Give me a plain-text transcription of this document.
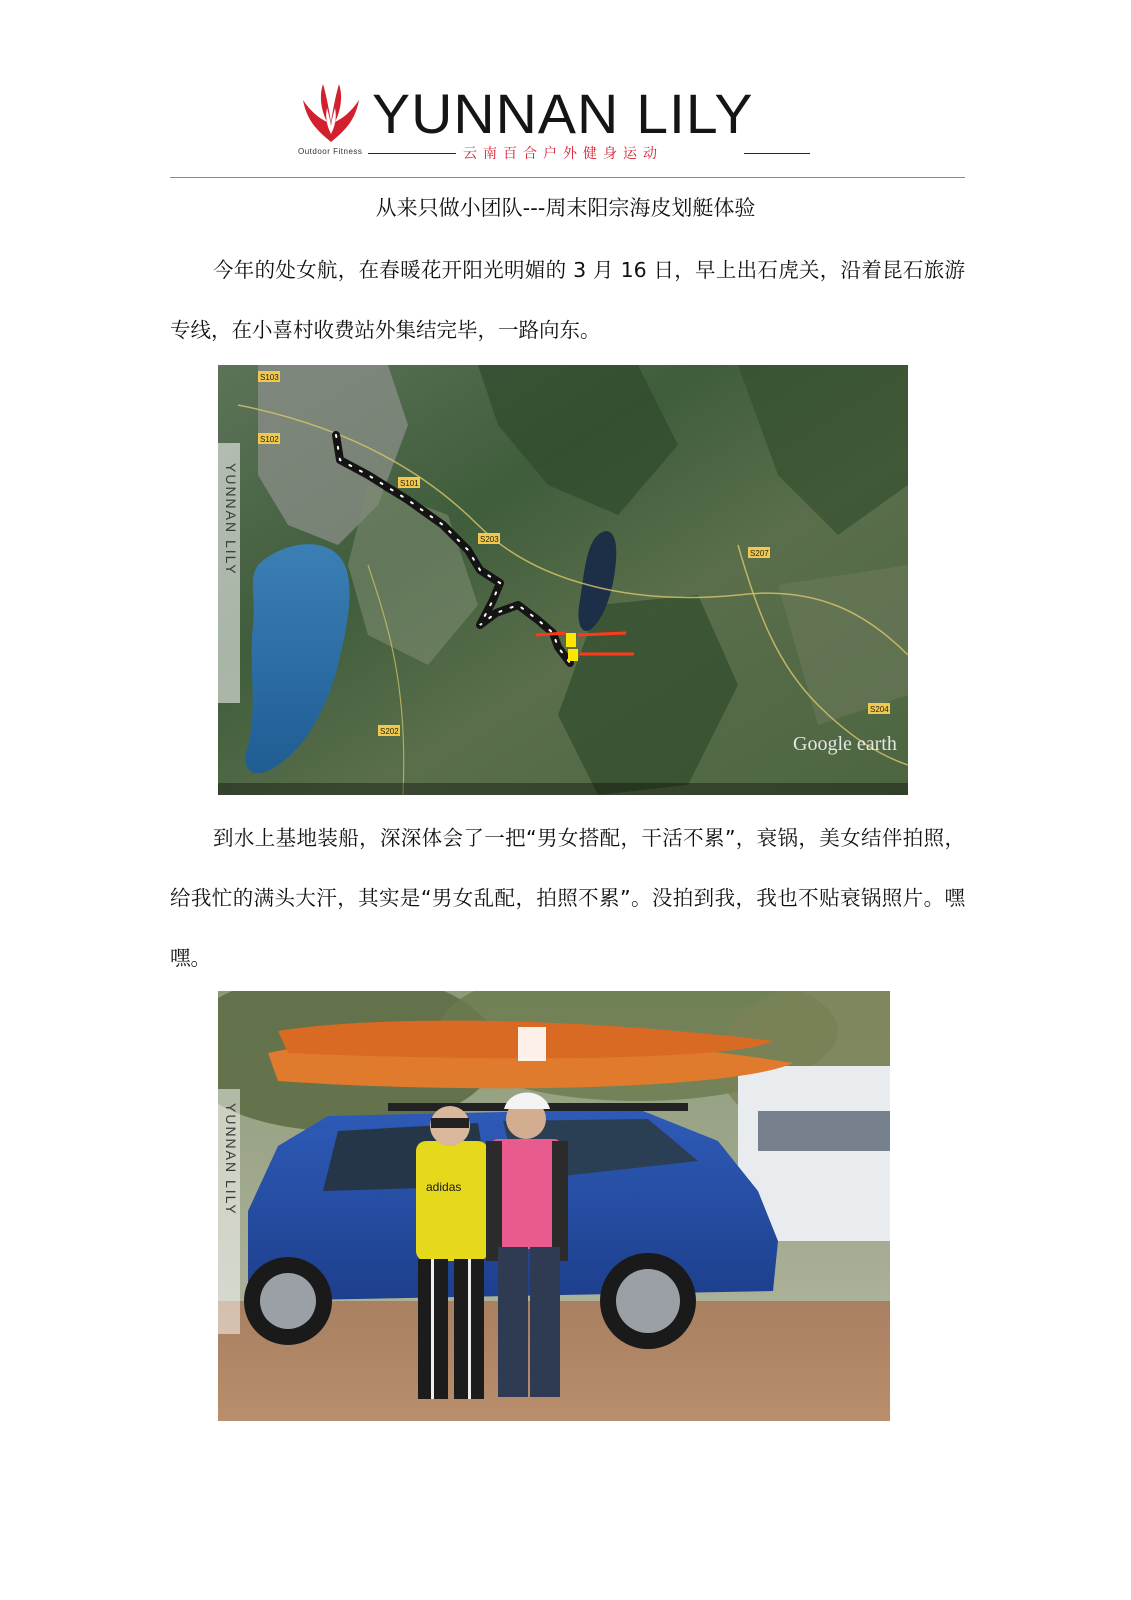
YUNNAN LILY
Outdoor Fitness	云南百合户外健身运动
从来只做小团队---周末阳宗海皮划艇体验

今年的处女航，在春暖花开阳光明媚的 3 月 16 日，早上出石虎关，沿着昆石旅游专线，在小喜村收费站外集结完毕，一路向东。

S103
S101
S203
S207
S204
S202
S102
YUNNAN LILY
Google earth

到水上基地装船，深深体会了一把“男女搭配，干活不累”，衰锅，美女结伴拍照，给我忙的满头大汗，其实是“男女乱配，拍照不累”。没拍到我，我也不贴衰锅照片。嘿嘿。

adidas
YUNNAN LILY
